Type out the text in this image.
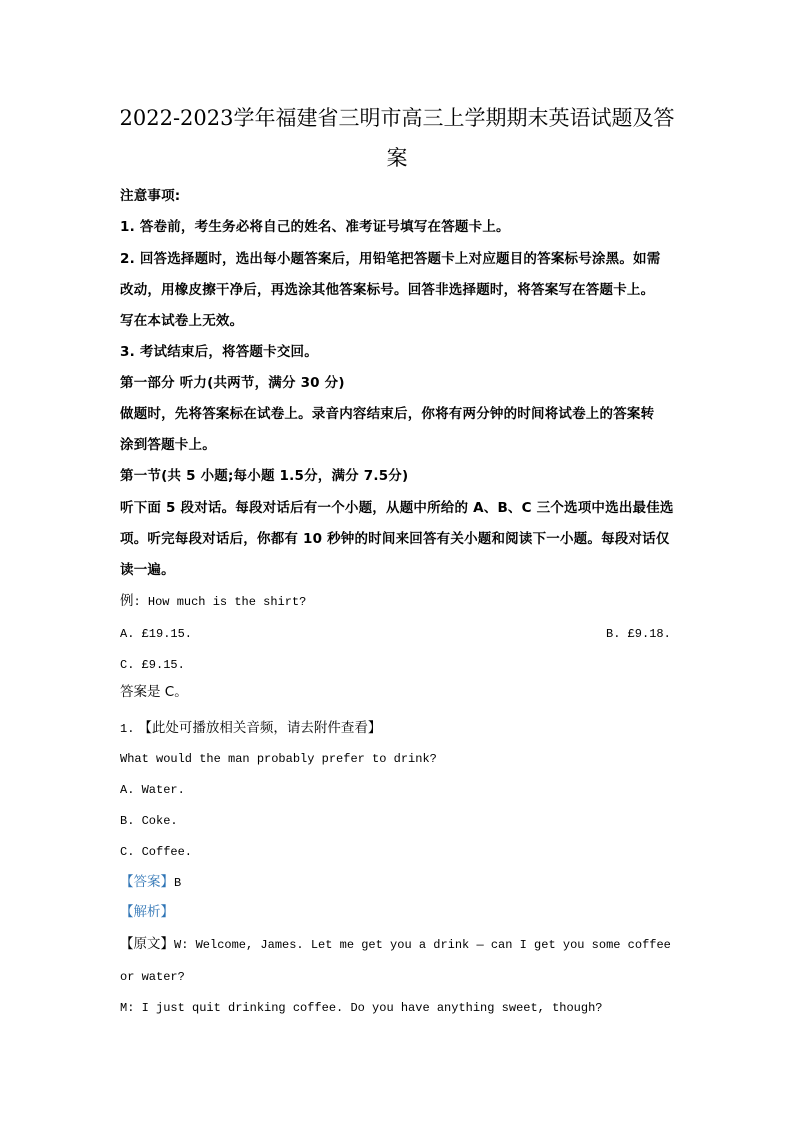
2022-2023学年福建省三明市高三上学期期末英语试题及答
案
注意事项:
1. 答卷前，考生务必将自己的姓名、准考证号填写在答题卡上。
2. 回答选择题时，选出每小题答案后，用铅笔把答题卡上对应题目的答案标号涂黑。如需
改动，用橡皮擦干净后，再选涂其他答案标号。回答非选择题时，将答案写在答题卡上。
写在本试卷上无效。
3. 考试结束后，将答题卡交回。
第一部分 听力(共两节，满分 30 分)
做题时，先将答案标在试卷上。录音内容结束后，你将有两分钟的时间将试卷上的答案转
涂到答题卡上。
第一节(共 5 小题;每小题 1.5分，满分 7.5分)
听下面 5 段对话。每段对话后有一个小题，从题中所给的 A、B、C 三个选项中选出最佳选
项。听完每段对话后，你都有 10 秒钟的时间来回答有关小题和阅读下一小题。每段对话仅
读一遍。
例: How much is the shirt?
A. £19.15.	B. £9.18.
C. £9.15.
答案是 C。
1. 【此处可播放相关音频，请去附件查看】
What would the man probably prefer to drink?
A. Water.
B. Coke.
C. Coffee.
【答案】B
【解析】
【原文】W: Welcome, James. Let me get you a drink — can I get you some coffee
or water?
M: I just quit drinking coffee. Do you have anything sweet, though?
